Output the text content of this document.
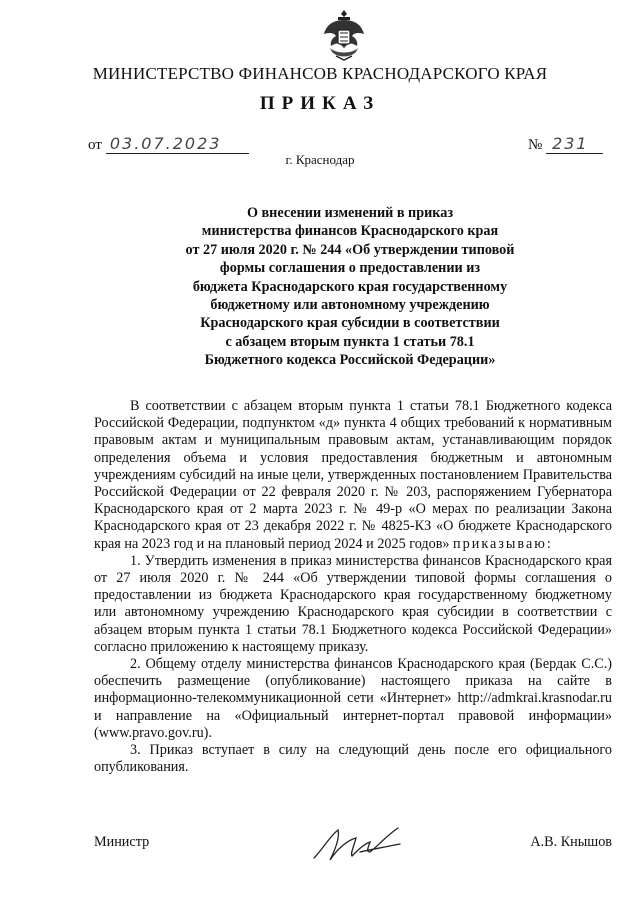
МИНИСТЕРСТВО ФИНАНСОВ КРАСНОДАРСКОГО КРАЯ
ПРИКАЗ
от 03.07.2023	№ 231
г. Краснодар
О внесении изменений в приказ
министерства финансов Краснодарского края
от 27 июля 2020 г. № 244 «Об утверждении типовой
формы соглашения о предоставлении из
бюджета Краснодарского края государственному
бюджетному или автономному учреждению
Краснодарского края субсидии в соответствии
с абзацем вторым пункта 1 статьи 78.1
Бюджетного кодекса Российской Федерации»

В соответствии с абзацем вторым пункта 1 статьи 78.1 Бюджетного кодекса Российской Федерации, подпунктом «д» пункта 4 общих требований к нормативным правовым актам и муниципальным правовым актам, устанавливающим порядок определения объема и условия предоставления бюджетным и автономным учреждениям субсидий на иные цели, утвержденных постановлением Правительства Российской Федерации от 22 февраля 2020 г. № 203, распоряжением Губернатора Краснодарского края от 2 марта 2023 г. № 49-р «О мерах по реализации Закона Краснодарского края от 23 декабря 2022 г. № 4825-КЗ «О бюджете Краснодарского края на 2023 год и на плановый период 2024 и 2025 годов» приказываю:

1. Утвердить изменения в приказ министерства финансов Краснодарского края от 27 июля 2020 г. № 244 «Об утверждении типовой формы соглашения о предоставлении из бюджета Краснодарского края государственному бюджетному или автономному учреждению Краснодарского края субсидии в соответствии с абзацем вторым пункта 1 статьи 78.1 Бюджетного кодекса Российской Федерации» согласно приложению к настоящему приказу.

2. Общему отделу министерства финансов Краснодарского края (Бердак С.С.) обеспечить размещение (опубликование) настоящего приказа на сайте в информационно-телекоммуникационной сети «Интернет» http://admkrai.krasnodar.ru и направление на «Официальный интернет-портал правовой информации» (www.pravo.gov.ru).

3. Приказ вступает в силу на следующий день после его официального опубликования.

Министр	А.В. Кнышов
